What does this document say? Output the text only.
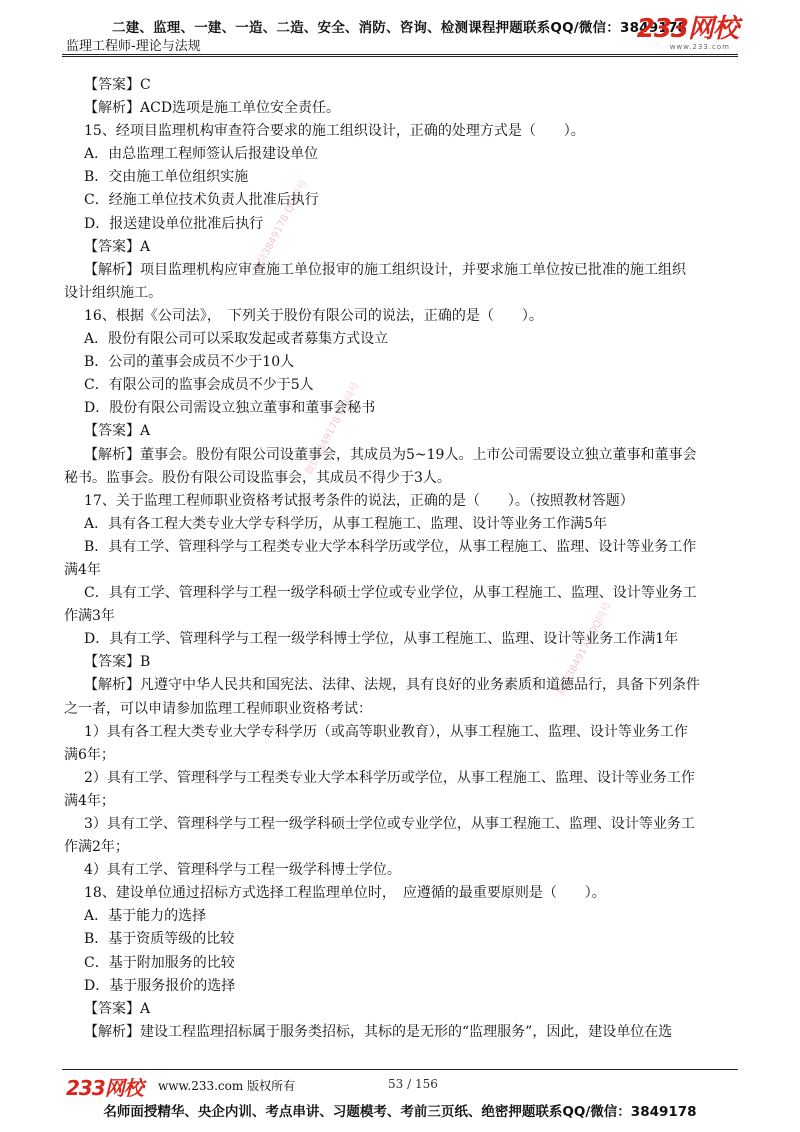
二建、监理、一建、一造、二造、安全、消防、咨询、检测课程押题联系QQ/微信：3849178
监理工程师-理论与法规
233网校
www.233.com
微信3849178 QQ同号
微信3849178 QQ同号
微信3849178 QQ同号
【答案】C
【解析】ACD选项是施工单位安全责任。
15、经项目监理机构审查符合要求的施工组织设计，正确的处理方式是（　　）。
A．由总监理工程师签认后报建设单位
B．交由施工单位组织实施
C．经施工单位技术负责人批准后执行
D．报送建设单位批准后执行
【答案】A
【解析】项目监理机构应审查施工单位报审的施工组织设计，并要求施工单位按已批准的施工组织
设计组织施工。
16、根据《公司法》，　下列关于股份有限公司的说法，正确的是（　　）。
A．股份有限公司可以采取发起或者募集方式设立
B．公司的董事会成员不少于10人
C．有限公司的监事会成员不少于5人
D．股份有限公司需设立独立董事和董事会秘书
【答案】A
【解析】董事会。股份有限公司设董事会，其成员为5~19人。上市公司需要设立独立董事和董事会
秘书。监事会。股份有限公司设监事会，其成员不得少于3人。
17、关于监理工程师职业资格考试报考条件的说法，正确的是（　　）。（按照教材答题）
A．具有各工程大类专业大学专科学历，从事工程施工、监理、设计等业务工作满5年
B．具有工学、管理科学与工程类专业大学本科学历或学位，从事工程施工、监理、设计等业务工作
满4年
C．具有工学、管理科学与工程一级学科硕士学位或专业学位，从事工程施工、监理、设计等业务工
作满3年
D．具有工学、管理科学与工程一级学科博士学位，从事工程施工、监理、设计等业务工作满1年
【答案】B
【解析】凡遵守中华人民共和国宪法、法律、法规，具有良好的业务素质和道德品行，具备下列条件
之一者，可以申请参加监理工程师职业资格考试：
1）具有各工程大类专业大学专科学历（或高等职业教育），从事工程施工、监理、设计等业务工作
满6年；
2）具有工学、管理科学与工程类专业大学本科学历或学位，从事工程施工、监理、设计等业务工作
满4年；
3）具有工学、管理科学与工程一级学科硕士学位或专业学位，从事工程施工、监理、设计等业务工
作满2年；
4）具有工学、管理科学与工程一级学科博士学位。
18、建设单位通过招标方式选择工程监理单位时，　应遵循的最重要原则是（　　）。
A．基于能力的选择
B．基于资质等级的比较
C．基于附加服务的比较
D．基于服务报价的选择
【答案】A
【解析】建设工程监理招标属于服务类招标，其标的是无形的“监理服务”，因此，建设单位在选
233网校 www.233.com 版权所有	53 / 156
名师面授精华、央企内训、考点串讲、习题模考、考前三页纸、绝密押题联系QQ/微信：3849178
